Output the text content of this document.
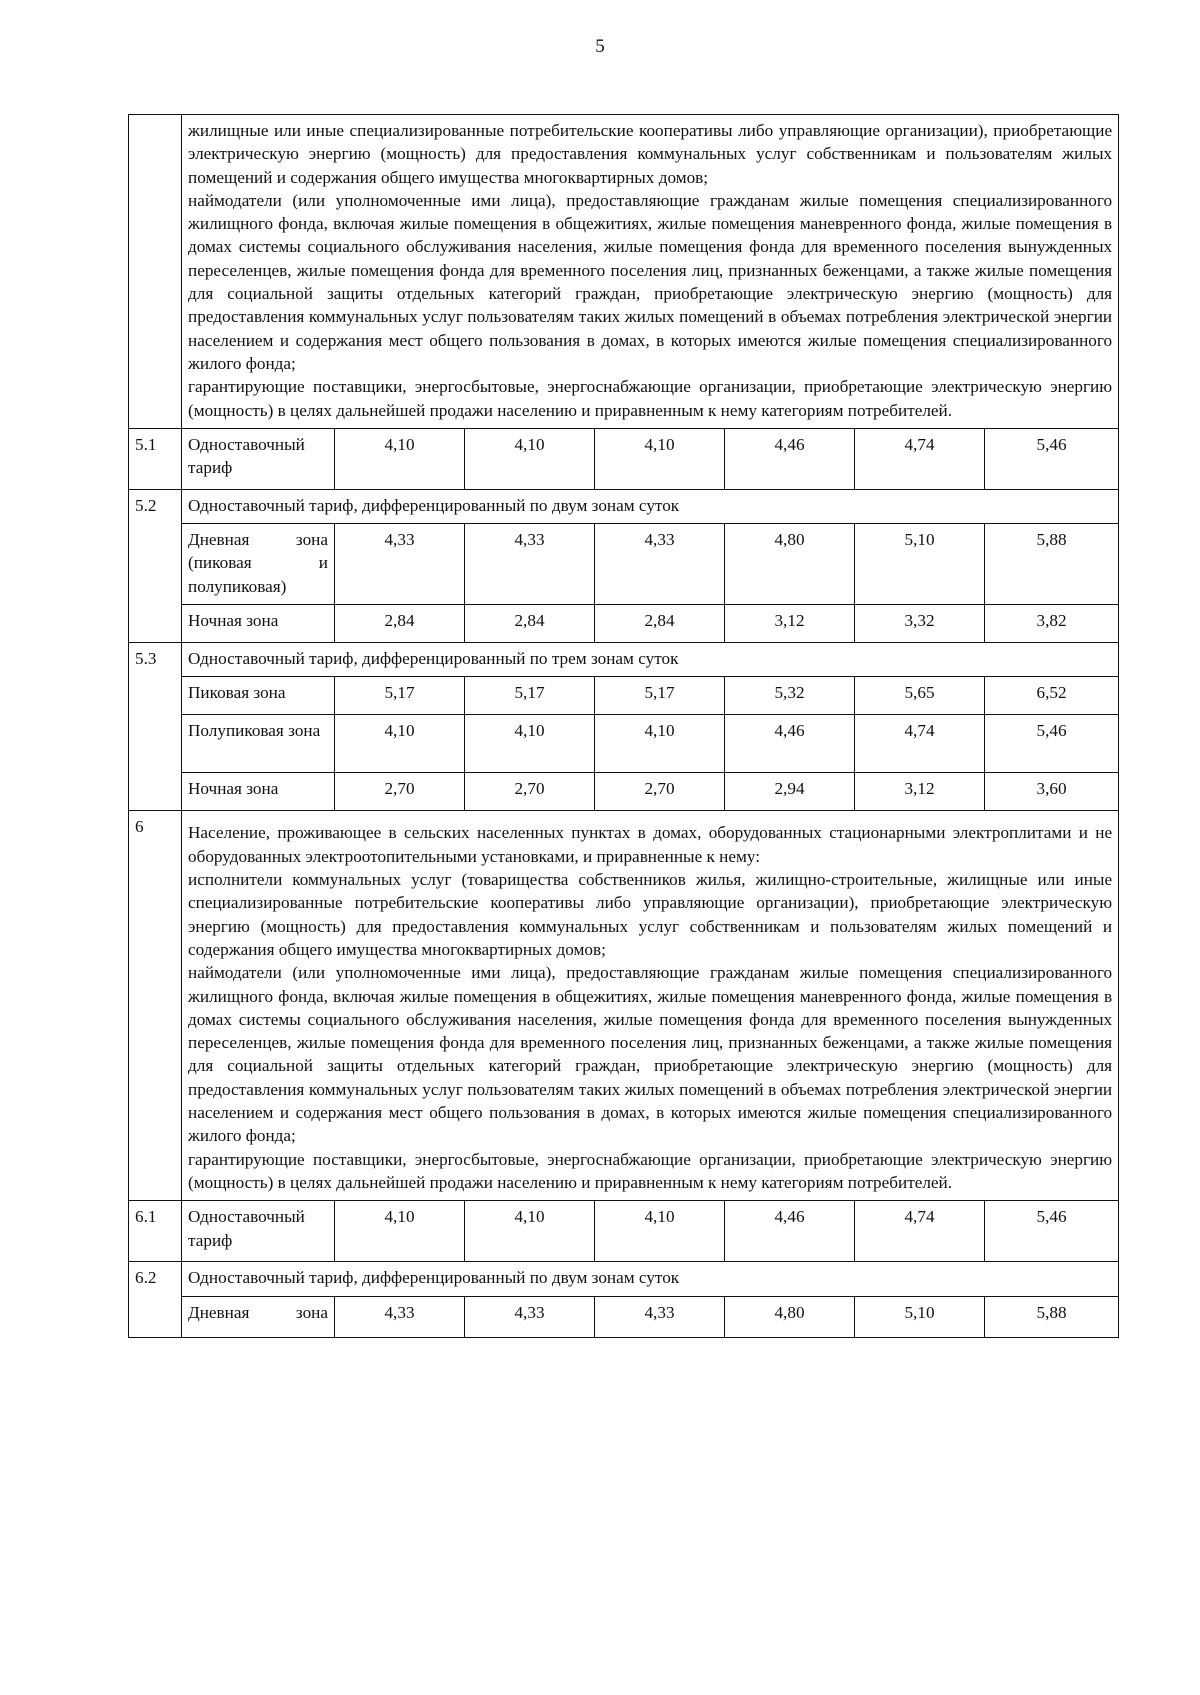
5

	жилищные или иные специализированные потребительские кооперативы либо управляющие организации), приобретающие электрическую энергию (мощность) для предоставления коммунальных услуг собственникам и пользователям жилых помещений и содержания общего имущества многоквартирных домов;

наймодатели (или уполномоченные ими лица), предоставляющие гражданам жилые помещения специализированного жилищного фонда, включая жилые помещения в общежитиях, жилые помещения маневренного фонда, жилые помещения в домах системы социального обслуживания населения, жилые помещения фонда для временного поселения вынужденных переселенцев, жилые помещения фонда для временного поселения лиц, признанных беженцами, а также жилые помещения для социальной защиты отдельных категорий граждан, приобретающие электрическую энергию (мощность) для предоставления коммунальных услуг пользователям таких жилых помещений в объемах потребления электрической энергии населением и содержания мест общего пользования в домах, в которых имеются жилые помещения специализированного жилого фонда;

гарантирующие поставщики, энергосбытовые, энергоснабжающие организации, приобретающие электрическую энергию (мощность) в целях дальнейшей продажи населению и приравненным к нему категориям потребителей.						

5.1	Одноставочный тариф	4,10	4,10	4,10	4,46	4,74	5,46

5.2	Одноставочный тариф, дифференцированный по двум зонам суток						

	Дневная зона (пиковая и полупиковая)	4,33	4,33	4,33	4,80	5,10	5,88
	Ночная зона	2,84	2,84	2,84	3,12	3,32	3,82
5.3	Одноставочный тариф, дифференцированный по трем зонам суток						
	Пиковая зона	5,17	5,17	5,17	5,32	5,65	6,52
	Полупиковая зона	4,10	4,10	4,10	4,46	4,74	5,46
	Ночная зона	2,70	2,70	2,70	2,94	3,12	3,60
6	Население, проживающее в сельских населенных пунктах в домах, оборудованных стационарными электроплитами и не оборудованных электроотопительными установками, и приравненные к нему:

исполнители коммунальных услуг (товарищества собственников жилья, жилищно-строительные, жилищные или иные специализированные потребительские кооперативы либо управляющие организации), приобретающие электрическую энергию (мощность) для предоставления коммунальных услуг собственникам и пользователям жилых помещений и содержания общего имущества многоквартирных домов;

наймодатели (или уполномоченные ими лица), предоставляющие гражданам жилые помещения специализированного жилищного фонда, включая жилые помещения в общежитиях, жилые помещения маневренного фонда, жилые помещения в домах системы социального обслуживания населения, жилые помещения фонда для временного поселения вынужденных переселенцев, жилые помещения фонда для временного поселения лиц, признанных беженцами, а также жилые помещения для социальной защиты отдельных категорий граждан, приобретающие электрическую энергию (мощность) для предоставления коммунальных услуг пользователям таких жилых помещений в объемах потребления электрической энергии населением и содержания мест общего пользования в домах, в которых имеются жилые помещения специализированного жилого фонда;

гарантирующие поставщики, энергосбытовые, энергоснабжающие организации, приобретающие электрическую энергию (мощность) в целях дальнейшей продажи населению и приравненным к нему категориям потребителей.						

6.1	Одноставочный тариф	4,10	4,10	4,10	4,46	4,74	5,46
6.2	Одноставочный тариф, дифференцированный по двум зонам суток						

	Дневная зона	4,33	4,33	4,33	4,80	5,10	5,88
